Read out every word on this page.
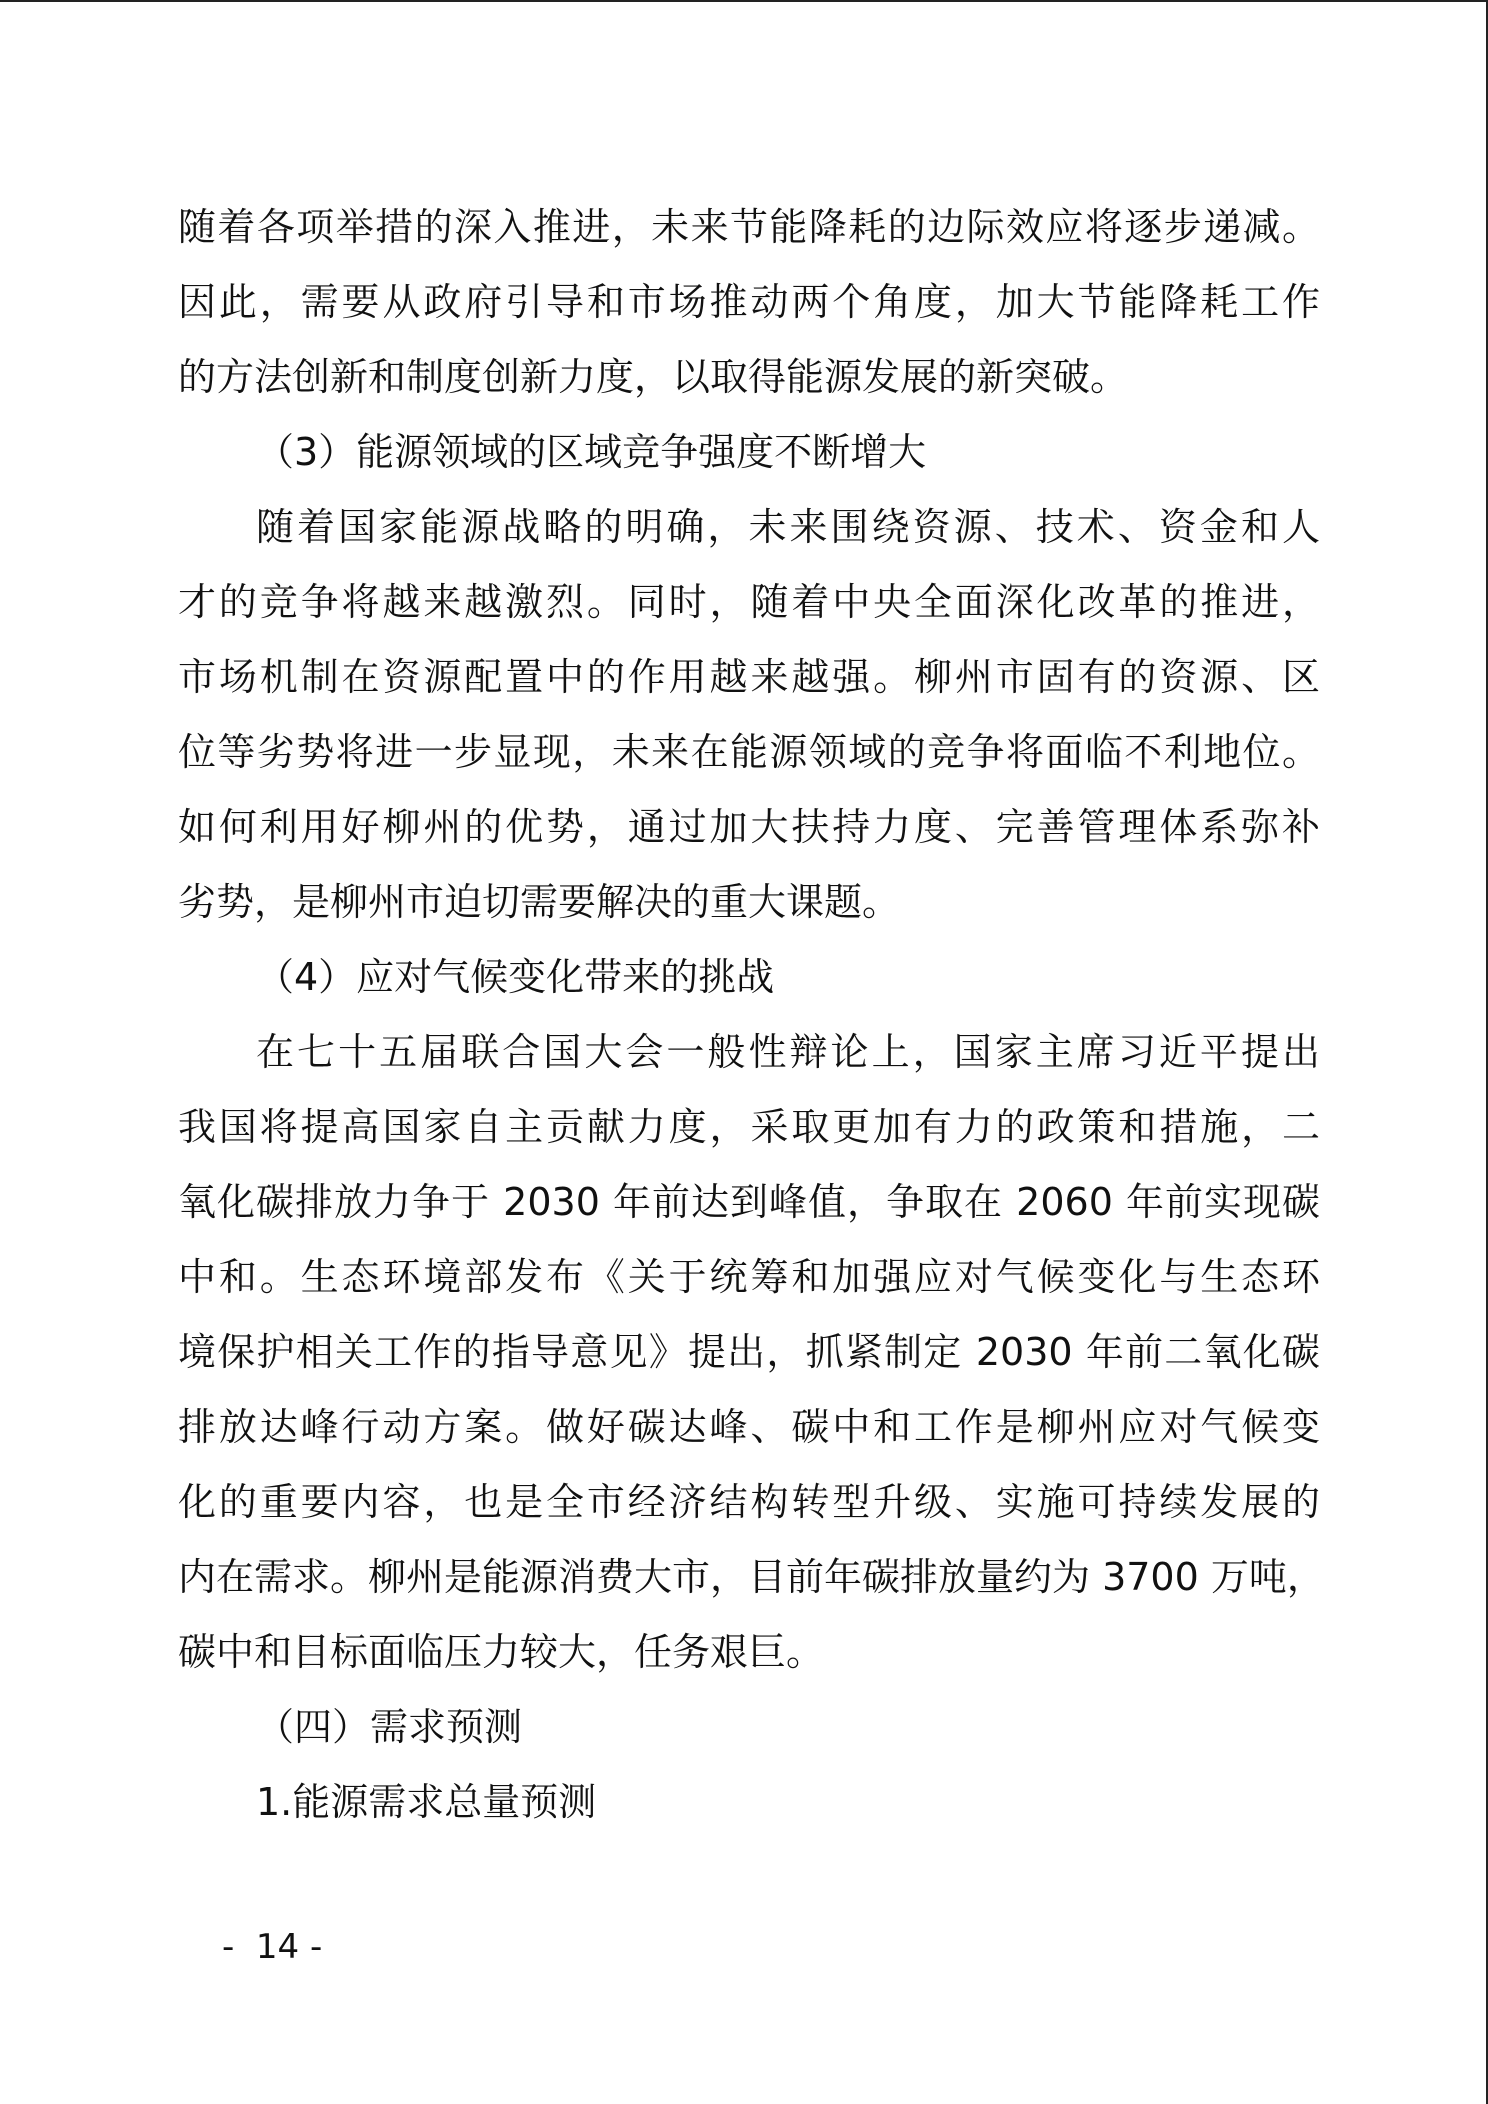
随着各项举措的深入推进，未来节能降耗的边际效应将逐步递减。
因此，需要从政府引导和市场推动两个角度，加大节能降耗工作
的方法创新和制度创新力度，以取得能源发展的新突破。
（3）能源领域的区域竞争强度不断增大
随着国家能源战略的明确，未来围绕资源、技术、资金和人
才的竞争将越来越激烈。同时，随着中央全面深化改革的推进，
市场机制在资源配置中的作用越来越强。柳州市固有的资源、区
位等劣势将进一步显现，未来在能源领域的竞争将面临不利地位。
如何利用好柳州的优势，通过加大扶持力度、完善管理体系弥补
劣势，是柳州市迫切需要解决的重大课题。
（4）应对气候变化带来的挑战
在七十五届联合国大会一般性辩论上，国家主席习近平提出
我国将提高国家自主贡献力度，采取更加有力的政策和措施，二
氧化碳排放力争于 2030 年前达到峰值，争取在 2060 年前实现碳
中和。生态环境部发布《关于统筹和加强应对气候变化与生态环
境保护相关工作的指导意见》提出，抓紧制定 2030 年前二氧化碳
排放达峰行动方案。做好碳达峰、碳中和工作是柳州应对气候变
化的重要内容，也是全市经济结构转型升级、实施可持续发展的
内在需求。柳州是能源消费大市，目前年碳排放量约为 3700 万吨，
碳中和目标面临压力较大，任务艰巨。
（四）需求预测
1.能源需求总量预测
-  14 -
